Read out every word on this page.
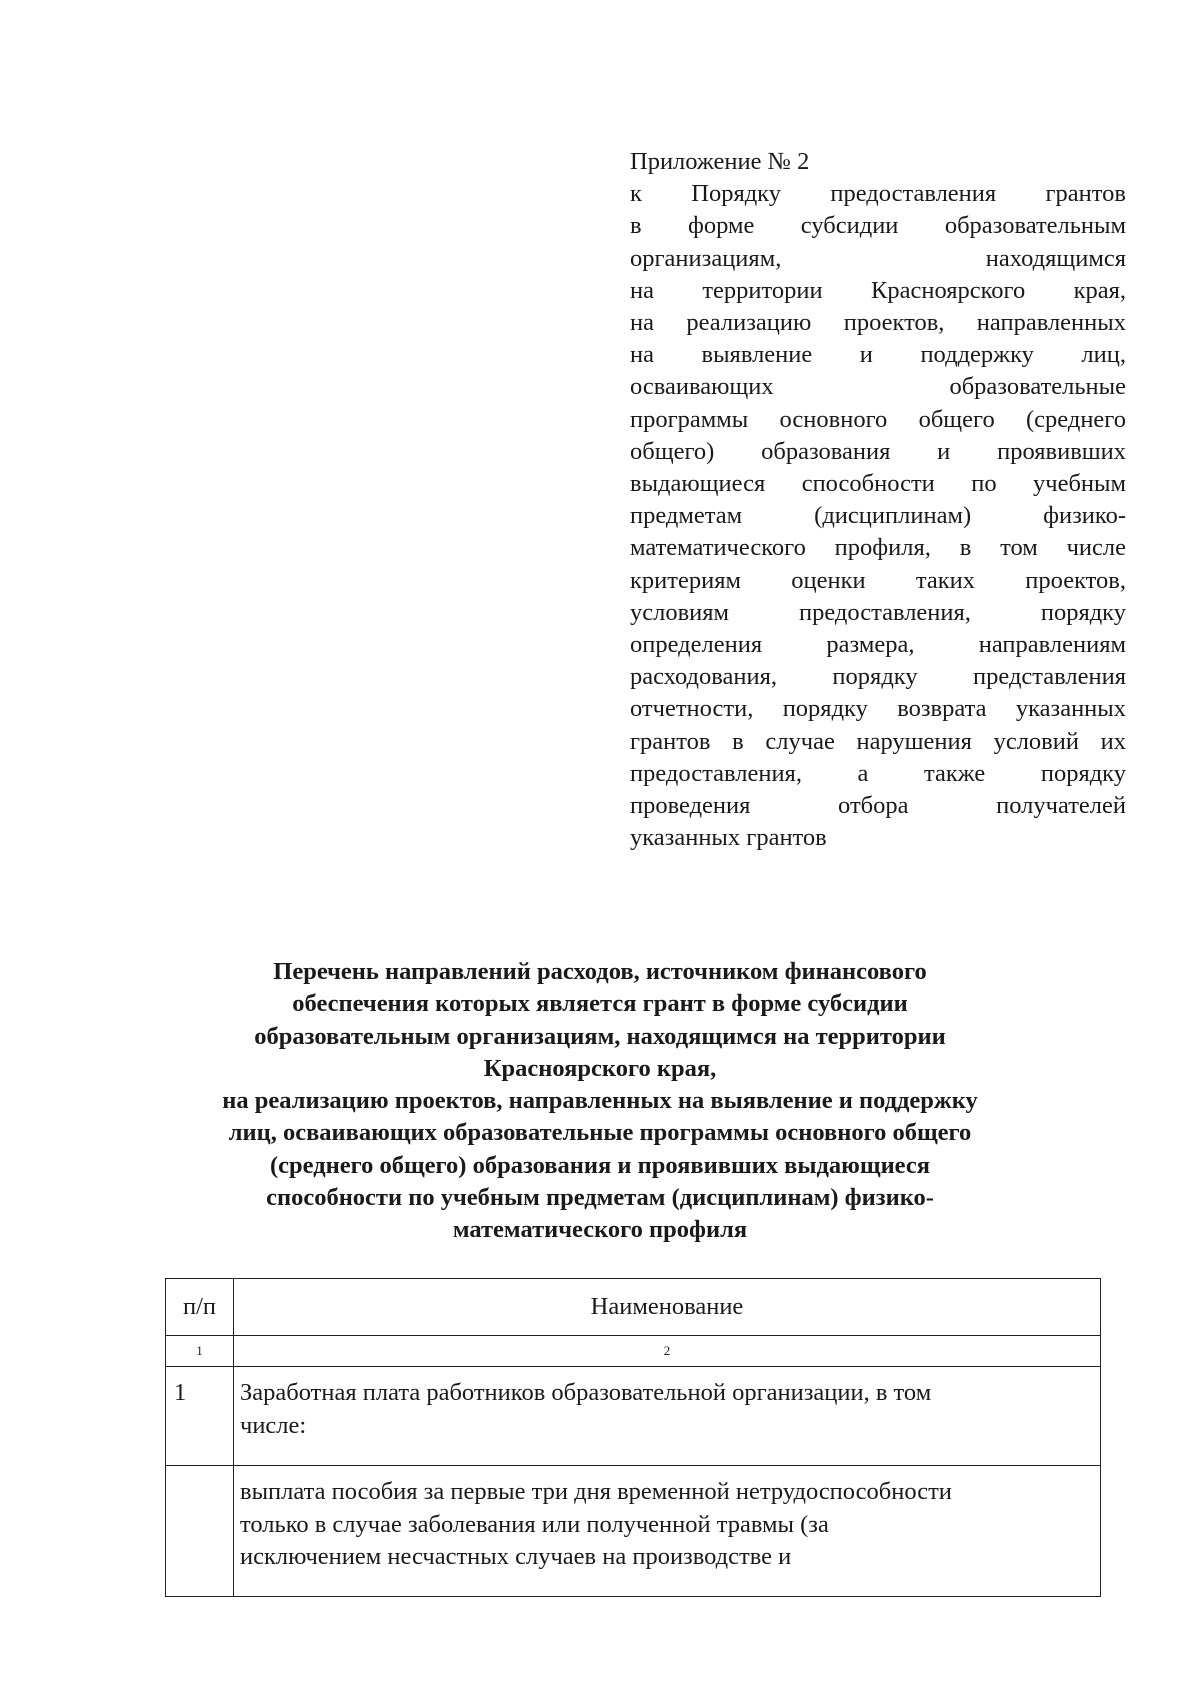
Приложение № 2
к Порядку предоставления грантов
в форме субсидии образовательным
организациям, находящимся
на территории Красноярского края,
на реализацию проектов, направленных
на выявление и поддержку лиц,
осваивающих образовательные
программы основного общего (среднего
общего) образования и проявивших
выдающиеся способности по учебным
предметам (дисциплинам) физико-
математического профиля, в том числе
критериям оценки таких проектов,
условиям предоставления, порядку
определения размера, направлениям
расходования, порядку представления
отчетности, порядку возврата указанных
грантов в случае нарушения условий их
предоставления, а также порядку
проведения отбора получателей
указанных грантов
Перечень направлений расходов, источником финансового
обеспечения которых является грант в форме субсидии
образовательным организациям, находящимся на территории
Красноярского края,
на реализацию проектов, направленных на выявление и поддержку
лиц, осваивающих образовательные программы основного общего
(среднего общего) образования и проявивших выдающиеся
способности по учебным предметам (дисциплинам) физико-
математического профиля
п/п	Наименование
1	2
1	Заработная плата работников образовательной организации, в том
числе:

	выплата пособия за первые три дня временной нетрудоспособности
только в случае заболевания или полученной травмы (за
исключением несчастных случаев на производстве и
